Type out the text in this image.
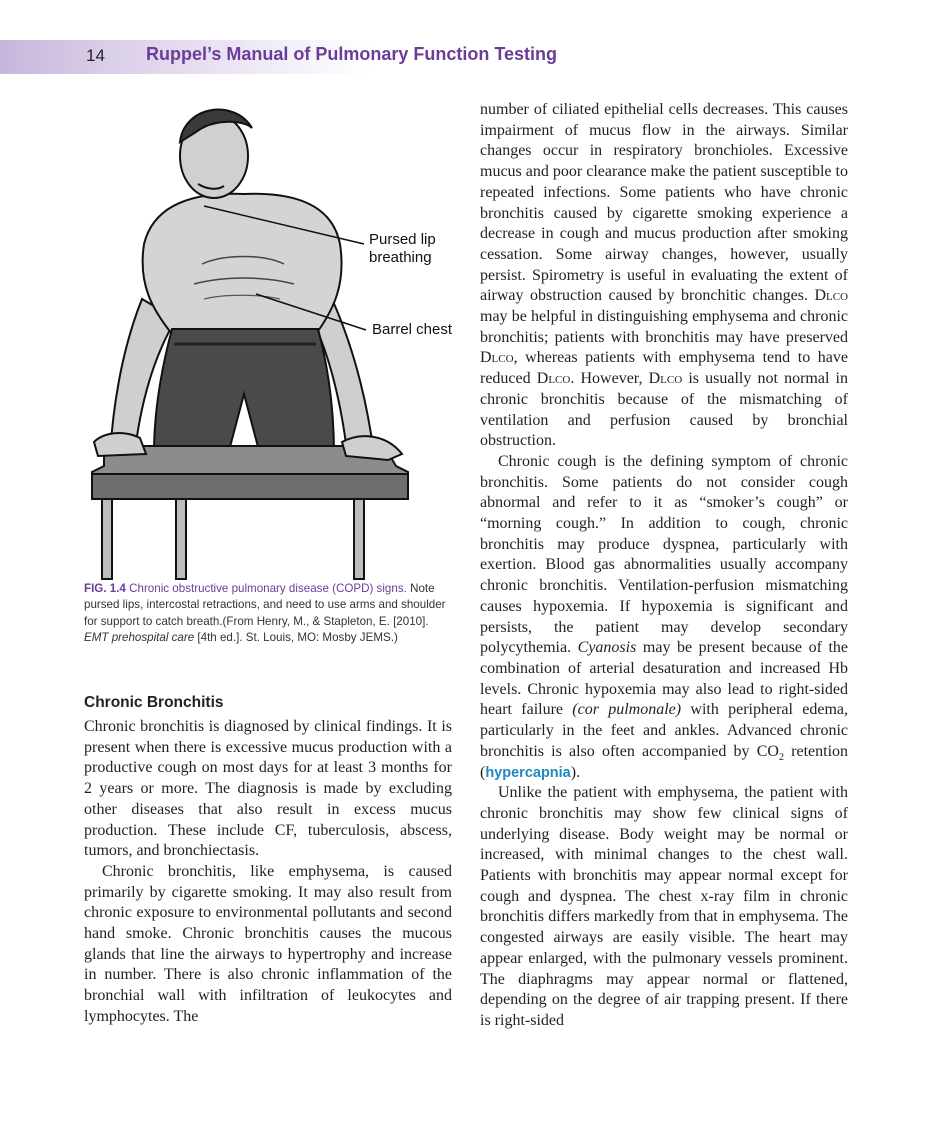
14 Ruppel’s Manual of Pulmonary Function Testing
Pursed lip
breathing
Barrel chest
FIG. 1.4 Chronic obstructive pulmonary disease (COPD) signs. Note pursed lips, intercostal retractions, and need to use arms and shoulder for support to catch breath.(From Henry, M., & Stapleton, E. [2010]. EMT prehospital care [4th ed.]. St. Louis, MO: Mosby JEMS.)
Chronic Bronchitis

Chronic bronchitis is diagnosed by clinical findings. It is present when there is excessive mucus production with a productive cough on most days for at least 3 months for 2 years or more. The diagnosis is made by excluding other diseases that also result in excess mucus production. These include CF, tuberculosis, abscess, tumors, and bronchiectasis.

Chronic bronchitis, like emphysema, is caused primarily by cigarette smoking. It may also result from chronic exposure to environmental pollutants and second hand smoke. Chronic bronchitis causes the mucous glands that line the airways to hypertrophy and increase in number. There is also chronic inflammation of the bronchial wall with infiltration of leukocytes and lymphocytes. The

number of ciliated epithelial cells decreases. This causes impairment of mucus flow in the airways. Similar changes occur in respiratory bronchioles. Excessive mucus and poor clearance make the patient susceptible to repeated infections. Some patients who have chronic bronchitis caused by cigarette smoking experience a decrease in cough and mucus production after smoking cessation. Some airway changes, however, usually persist. Spirometry is useful in evaluating the extent of airway obstruction caused by bronchitic changes. Dlco may be helpful in distinguishing emphysema and chronic bronchitis; patients with bronchitis may have preserved Dlco, whereas patients with emphysema tend to have reduced Dlco. However, Dlco is usually not normal in chronic bronchitis because of the mismatching of ventilation and perfusion caused by bronchial obstruction.

Chronic cough is the defining symptom of chronic bronchitis. Some patients do not consider cough abnormal and refer to it as “smoker’s cough” or “morning cough.” In addition to cough, chronic bronchitis may produce dyspnea, particularly with exertion. Blood gas abnormalities usually accompany chronic bronchitis. Ventilation-perfusion mismatching causes hypoxemia. If hypoxemia is significant and persists, the patient may develop secondary polycythemia. Cyanosis may be present because of the combination of arterial desaturation and increased Hb levels. Chronic hypoxemia may also lead to right-sided heart failure (cor pulmonale) with peripheral edema, particularly in the feet and ankles. Advanced chronic bronchitis is also often accompanied by $CO_2$ retention (hypercapnia).

Unlike the patient with emphysema, the patient with chronic bronchitis may show few clinical signs of underlying disease. Body weight may be normal or increased, with minimal changes to the chest wall. Patients with bronchitis may appear normal except for cough and dyspnea. The chest x-ray film in chronic bronchitis differs markedly from that in emphysema. The congested airways are easily visible. The heart may appear enlarged, with the pulmonary vessels prominent. The diaphragms may appear normal or flattened, depending on the degree of air trapping present. If there is right-sided
